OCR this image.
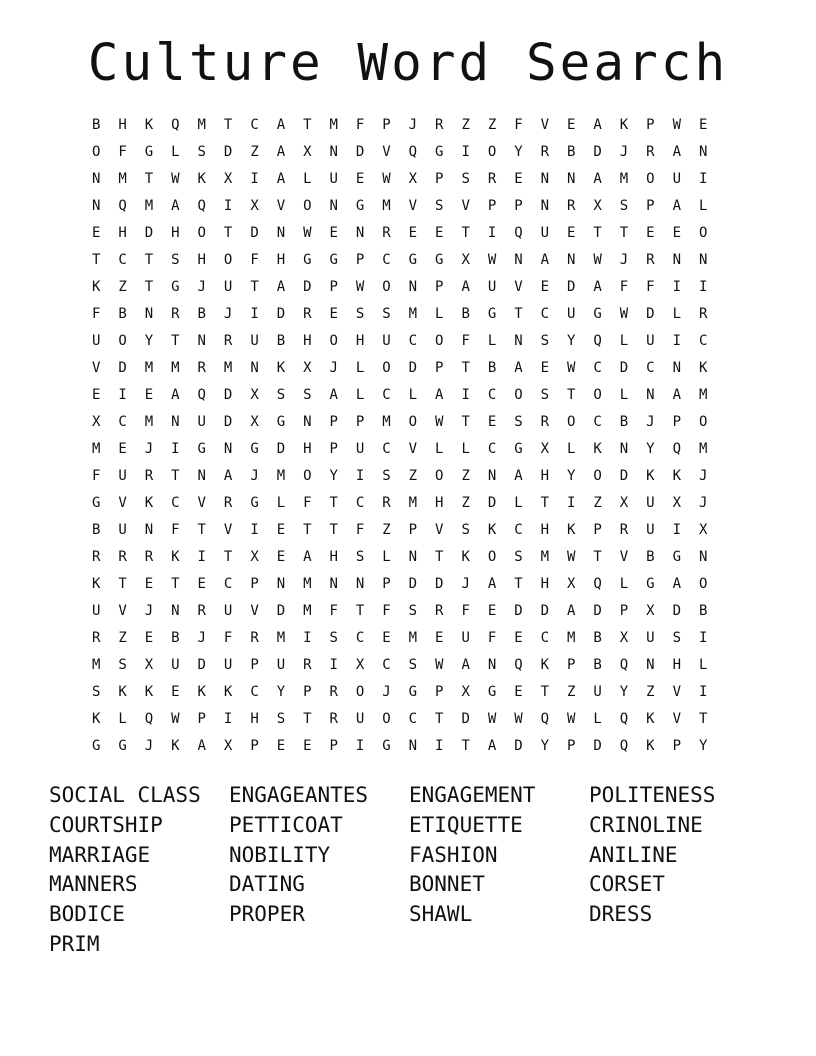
Culture Word Search
B	H	K	Q	M	T	C	A	T	M	F	P	J	R	Z	Z	F	V	E	A	K	P	W	E
O	F	G	L	S	D	Z	A	X	N	D	V	Q	G	I	O	Y	R	B	D	J	R	A	N
N	M	T	W	K	X	I	A	L	U	E	W	X	P	S	R	E	N	N	A	M	O	U	I
N	Q	M	A	Q	I	X	V	O	N	G	M	V	S	V	P	P	N	R	X	S	P	A	L
E	H	D	H	O	T	D	N	W	E	N	R	E	E	T	I	Q	U	E	T	T	E	E	O
T	C	T	S	H	O	F	H	G	G	P	C	G	G	X	W	N	A	N	W	J	R	N	N
K	Z	T	G	J	U	T	A	D	P	W	O	N	P	A	U	V	E	D	A	F	F	I	I
F	B	N	R	B	J	I	D	R	E	S	S	M	L	B	G	T	C	U	G	W	D	L	R
U	O	Y	T	N	R	U	B	H	O	H	U	C	O	F	L	N	S	Y	Q	L	U	I	C
V	D	M	M	R	M	N	K	X	J	L	O	D	P	T	B	A	E	W	C	D	C	N	K
E	I	E	A	Q	D	X	S	S	A	L	C	L	A	I	C	O	S	T	O	L	N	A	M
X	C	M	N	U	D	X	G	N	P	P	M	O	W	T	E	S	R	O	C	B	J	P	O
M	E	J	I	G	N	G	D	H	P	U	C	V	L	L	C	G	X	L	K	N	Y	Q	M
F	U	R	T	N	A	J	M	O	Y	I	S	Z	O	Z	N	A	H	Y	O	D	K	K	J
G	V	K	C	V	R	G	L	F	T	C	R	M	H	Z	D	L	T	I	Z	X	U	X	J
B	U	N	F	T	V	I	E	T	T	F	Z	P	V	S	K	C	H	K	P	R	U	I	X
R	R	R	K	I	T	X	E	A	H	S	L	N	T	K	O	S	M	W	T	V	B	G	N
K	T	E	T	E	C	P	N	M	N	N	P	D	D	J	A	T	H	X	Q	L	G	A	O
U	V	J	N	R	U	V	D	M	F	T	F	S	R	F	E	D	D	A	D	P	X	D	B
R	Z	E	B	J	F	R	M	I	S	C	E	M	E	U	F	E	C	M	B	X	U	S	I
M	S	X	U	D	U	P	U	R	I	X	C	S	W	A	N	Q	K	P	B	Q	N	H	L
S	K	K	E	K	K	C	Y	P	R	O	J	G	P	X	G	E	T	Z	U	Y	Z	V	I
K	L	Q	W	P	I	H	S	T	R	U	O	C	T	D	W	W	Q	W	L	Q	K	V	T
G	G	J	K	A	X	P	E	E	P	I	G	N	I	T	A	D	Y	P	D	Q	K	P	Y
SOCIAL CLASS	ENGAGEANTES	ENGAGEMENT	POLITENESS
COURTSHIP	PETTICOAT	ETIQUETTE	CRINOLINE
MARRIAGE	NOBILITY	FASHION	ANILINE
MANNERS	DATING	BONNET	CORSET
BODICE	PROPER	SHAWL	DRESS
PRIM
